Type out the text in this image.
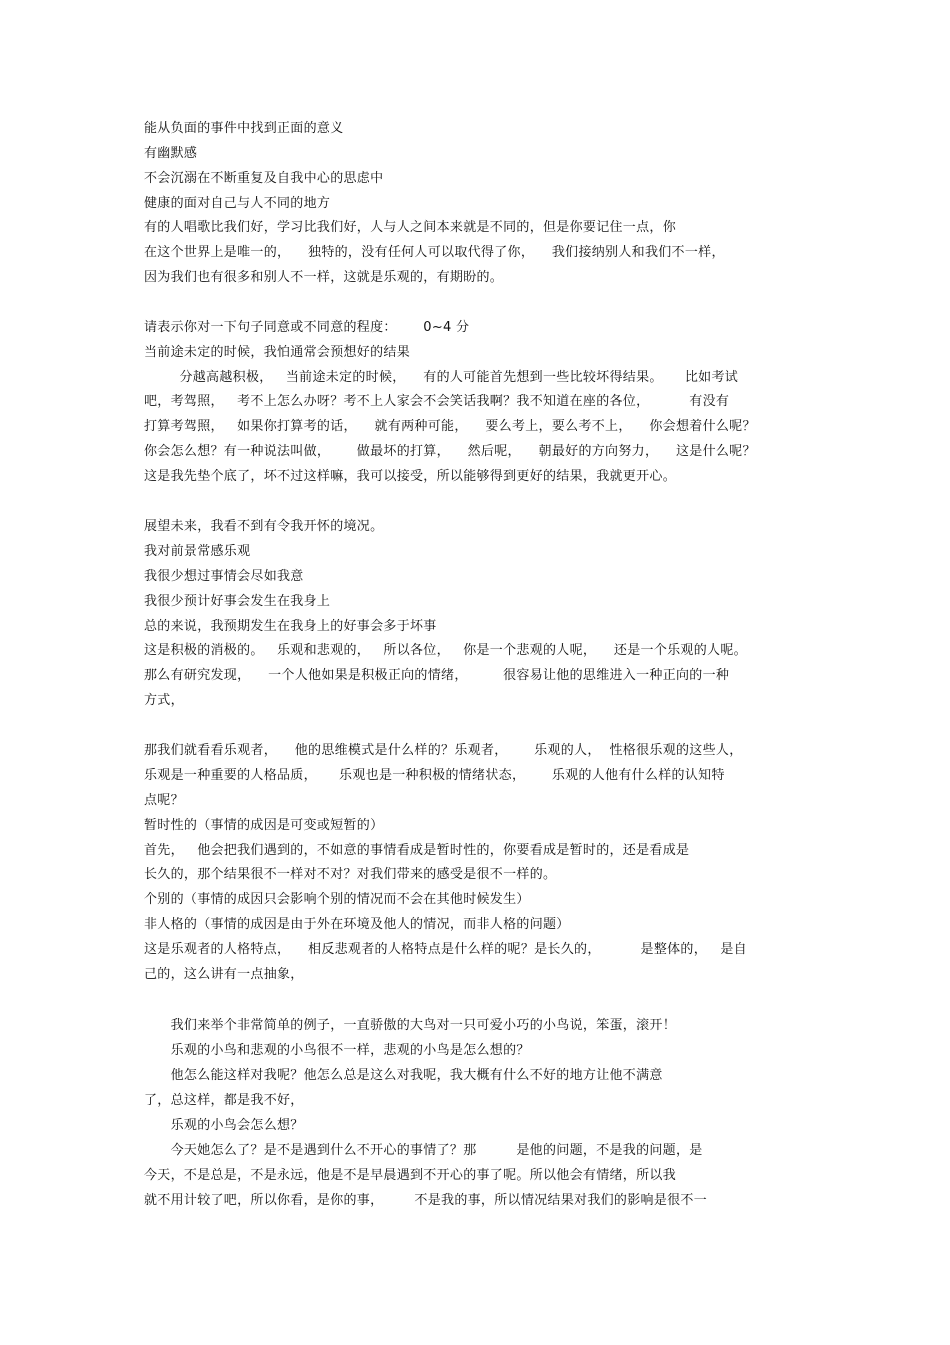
能从负面的事件中找到正面的意义
有幽默感
不会沉溺在不断重复及自我中心的思虑中
健康的面对自己与人不同的地方
有的人唱歌比我们好，学习比我们好，人与人之间本来就是不同的，但是你要记住一点，你
在这个世界上是唯一的，    独特的，没有任何人可以取代得了你，    我们接纳别人和我们不一样，
因为我们也有很多和别人不一样，这就是乐观的，有期盼的。
请表示你对一下句子同意或不同意的程度：      0~4 分
当前途未定的时候，我怕通常会预想好的结果
分越高越积极，   当前途未定的时候，    有的人可能首先想到一些比较坏得结果。     比如考试
吧，考驾照，   考不上怎么办呀？考不上人家会不会笑话我啊？我不知道在座的各位，         有没有
打算考驾照，   如果你打算考的话，    就有两种可能，    要么考上，要么考不上，    你会想着什么呢？
你会怎么想？有一种说法叫做，      做最坏的打算，    然后呢，    朝最好的方向努力，    这是什么呢？
这是我先垫个底了，坏不过这样嘛，我可以接受，所以能够得到更好的结果，我就更开心。
展望未来，我看不到有令我开怀的境况。
我对前景常感乐观
我很少想过事情会尽如我意
我很少预计好事会发生在我身上
总的来说，我预期发生在我身上的好事会多于坏事
这是积极的消极的。   乐观和悲观的，   所以各位，   你是一个悲观的人呢，    还是一个乐观的人呢。
那么有研究发现，    一个人他如果是积极正向的情绪，        很容易让他的思维进入一种正向的一种
方式，
那我们就看看乐观者，    他的思维模式是什么样的？乐观者，      乐观的人，  性格很乐观的这些人，
乐观是一种重要的人格品质，     乐观也是一种积极的情绪状态，      乐观的人他有什么样的认知特
点呢？
暂时性的（事情的成因是可变或短暂的）
首先，   他会把我们遇到的，不如意的事情看成是暂时性的，你要看成是暂时的，还是看成是
长久的，那个结果很不一样对不对？对我们带来的感受是很不一样的。
个别的（事情的成因只会影响个别的情况而不会在其他时候发生）
非人格的（事情的成因是由于外在环境及他人的情况，而非人格的问题）
这是乐观者的人格特点，    相反悲观者的人格特点是什么样的呢？是长久的，         是整体的，   是自
己的，这么讲有一点抽象，
我们来举个非常简单的例子，一直骄傲的大鸟对一只可爱小巧的小鸟说，笨蛋，滚开！
乐观的小鸟和悲观的小鸟很不一样，悲观的小鸟是怎么想的？
他怎么能这样对我呢？他怎么总是这么对我呢，我大概有什么不好的地方让他不满意
了，总这样，都是我不好，
乐观的小鸟会怎么想？
今天她怎么了？是不是遇到什么不开心的事情了？那         是他的问题，不是我的问题，是
今天，不是总是，不是永远，他是不是早晨遇到不开心的事了呢。所以他会有情绪，所以我
就不用计较了吧，所以你看，是你的事，       不是我的事，所以情况结果对我们的影响是很不一
